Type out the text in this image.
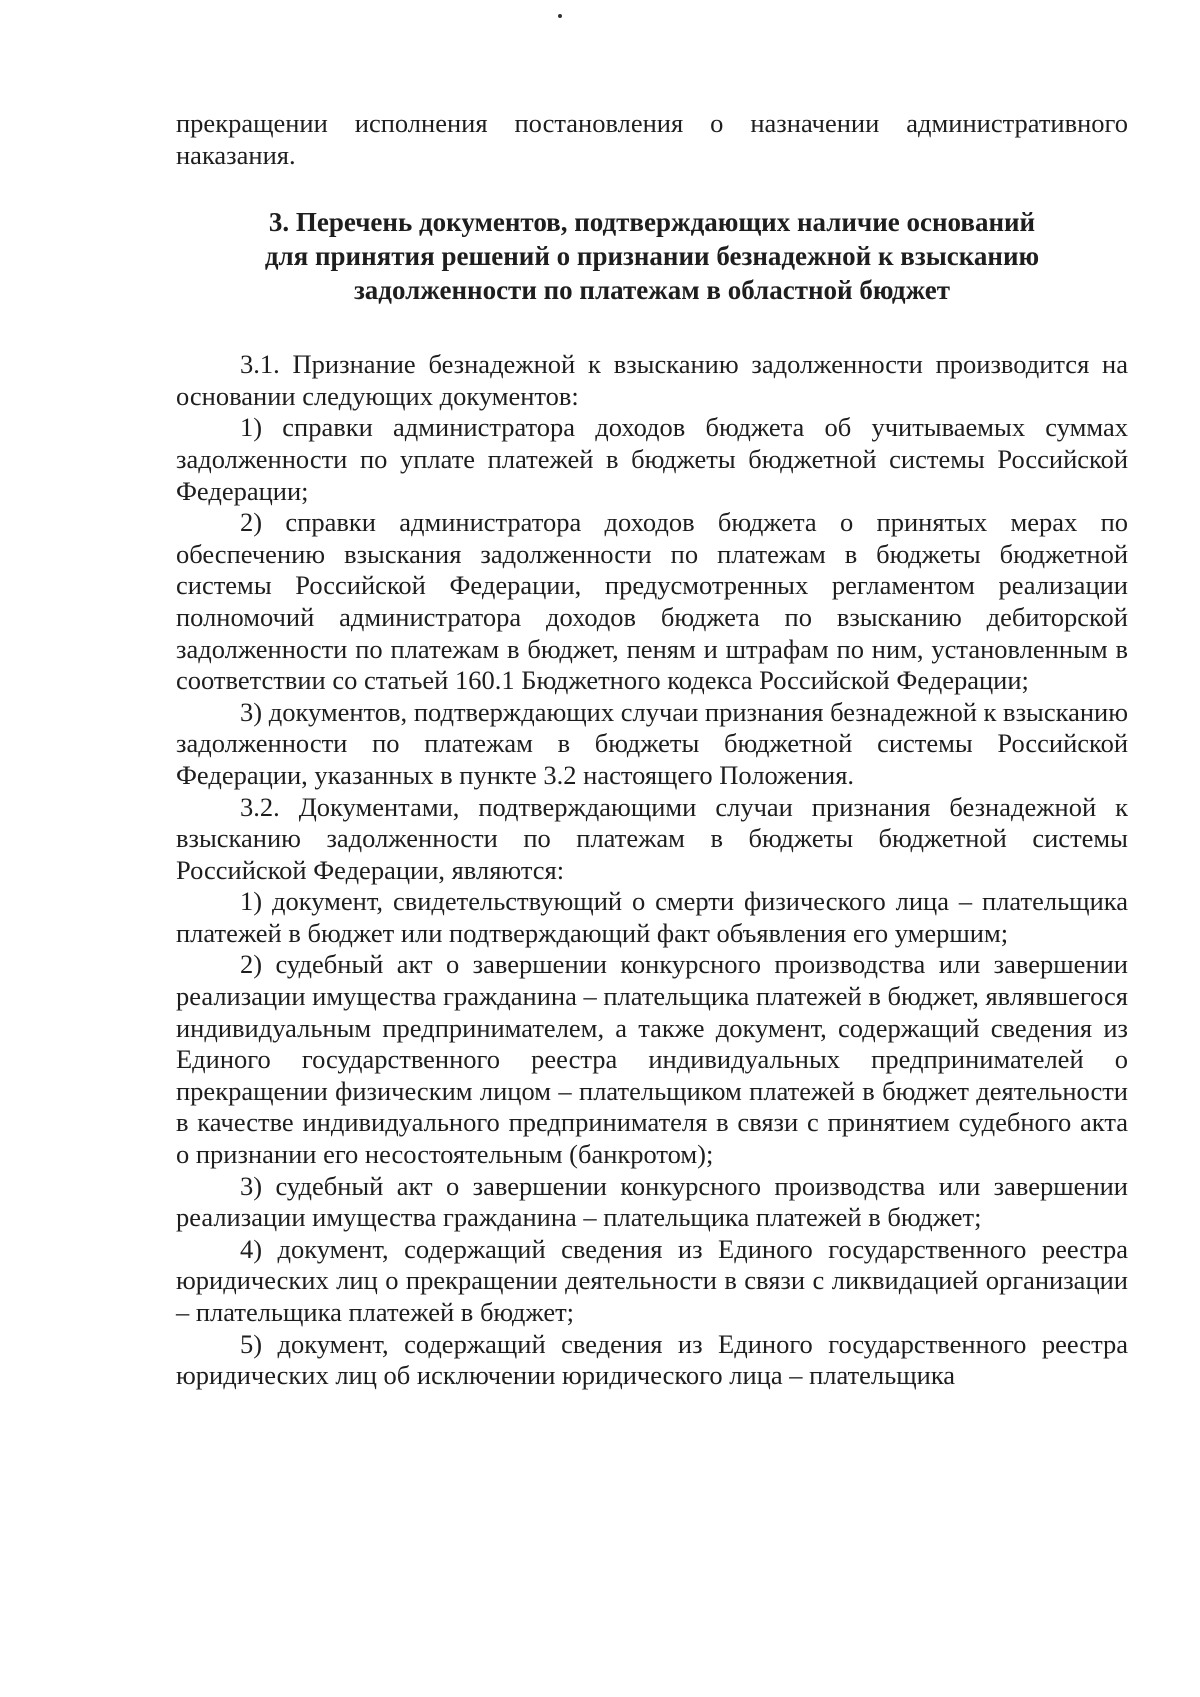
прекращении исполнения постановления о назначении административного наказания.

3. Перечень документов, подтверждающих наличие оснований
для принятия решений о признании безнадежной к взысканию
задолженности по платежам в областной бюджет

3.1. Признание безнадежной к взысканию задолженности производится на основании следующих документов:

1) справки администратора доходов бюджета об учитываемых суммах задолженности по уплате платежей в бюджеты бюджетной системы Российской Федерации;

2) справки администратора доходов бюджета о принятых мерах по обеспечению взыскания задолженности по платежам в бюджеты бюджетной системы Российской Федерации, предусмотренных регламентом реализации полномочий администратора доходов бюджета по взысканию дебиторской задолженности по платежам в бюджет, пеням и штрафам по ним, установленным в соответствии со статьей 160.1 Бюджетного кодекса Российской Федерации;

3) документов, подтверждающих случаи признания безнадежной к взысканию задолженности по платежам в бюджеты бюджетной системы Российской Федерации, указанных в пункте 3.2 настоящего Положения.

3.2. Документами, подтверждающими случаи признания безнадежной к взысканию задолженности по платежам в бюджеты бюджетной системы Российской Федерации, являются:

1) документ, свидетельствующий о смерти физического лица – плательщика платежей в бюджет или подтверждающий факт объявления его умершим;

2) судебный акт о завершении конкурсного производства или завершении реализации имущества гражданина – плательщика платежей в бюджет, являвшегося индивидуальным предпринимателем, а также документ, содержащий сведения из Единого государственного реестра индивидуальных предпринимателей о прекращении физическим лицом – плательщиком платежей в бюджет деятельности в качестве индивидуального предпринимателя в связи с принятием судебного акта о признании его несостоятельным (банкротом);

3) судебный акт о завершении конкурсного производства или завершении реализации имущества гражданина – плательщика платежей в бюджет;

4) документ, содержащий сведения из Единого государственного реестра юридических лиц о прекращении деятельности в связи с ликвидацией организации – плательщика платежей в бюджет;

5) документ, содержащий сведения из Единого государственного реестра юридических лиц об исключении юридического лица – плательщика
